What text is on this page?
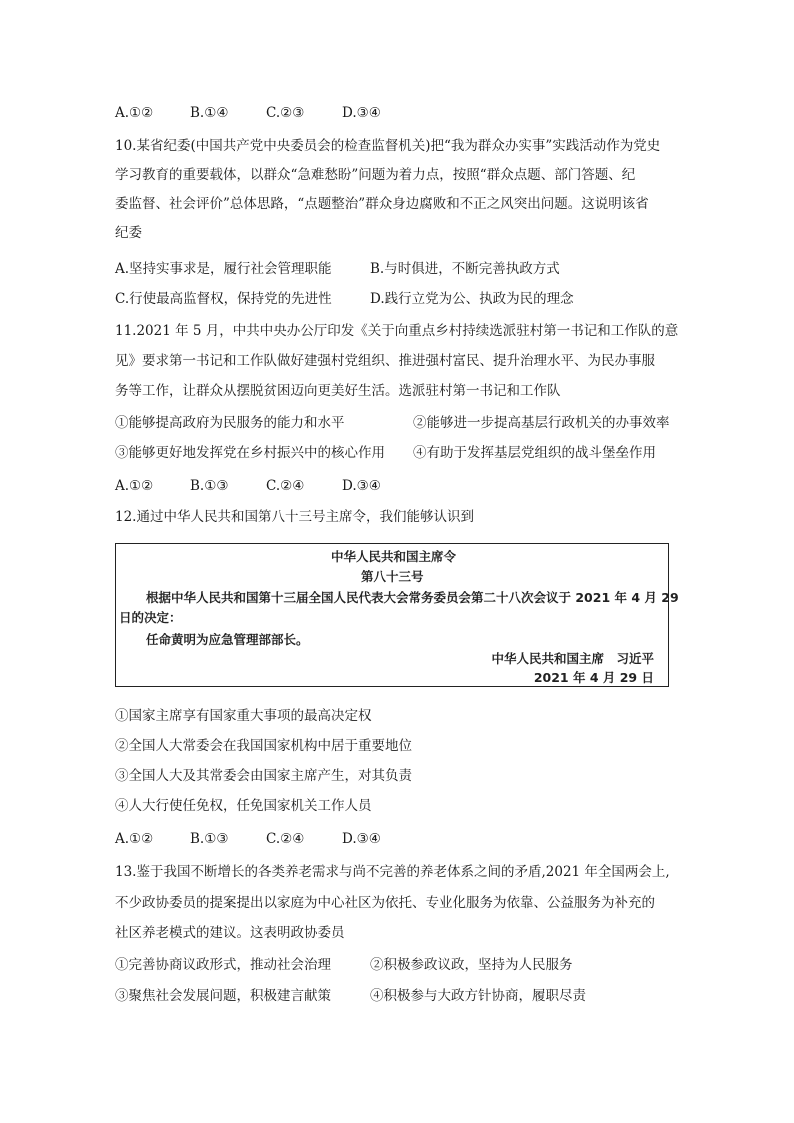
A.①②	B.①④	C.②③	D.③④
10.某省纪委(中国共产党中央委员会的检查监督机关)把“我为群众办实事”实践活动作为党史
学习教育的重要载体，以群众“急难愁盼”问题为着力点，按照“群众点题、部门答题、纪
委监督、社会评价”总体思路，“点题整治”群众身边腐败和不正之风突出问题。这说明该省
纪委
A.坚持实事求是，履行社会管理职能	B.与时俱进，不断完善执政方式
C.行使最高监督权，保持党的先进性	D.践行立党为公、执政为民的理念
11.2021 年 5 月，中共中央办公厅印发《关于向重点乡村持续选派驻村第一书记和工作队的意
见》要求第一书记和工作队做好建强村党组织、推进强村富民、提升治理水平、为民办事服
务等工作，让群众从摆脱贫困迈向更美好生活。选派驻村第一书记和工作队
①能够提高政府为民服务的能力和水平	②能够进一步提高基层行政机关的办事效率
③能够更好地发挥党在乡村振兴中的核心作用 ④有助于发挥基层党组织的战斗堡垒作用
A.①②	B.①③	C.②④	D.③④
12.通过中华人民共和国第八十三号主席令，我们能够认识到
中华人民共和国主席令
第八十三号
根据中华人民共和国第十三届全国人民代表大会常务委员会第二十八次会议于 2021 年 4 月 29
日的决定：
任命黄明为应急管理部部长。
中华人民共和国主席　习近平
2021 年 4 月 29 日
①国家主席享有国家重大事项的最高决定权
②全国人大常委会在我国国家机构中居于重要地位
③全国人大及其常委会由国家主席产生，对其负责
④人大行使任免权，任免国家机关工作人员
A.①②	B.①③	C.②④	D.③④
13.鉴于我国不断增长的各类养老需求与尚不完善的养老体系之间的矛盾,2021 年全国两会上,
不少政协委员的提案提出以家庭为中心社区为依托、专业化服务为依靠、公益服务为补充的
社区养老模式的建议。这表明政协委员
①完善协商议政形式，推动社会治理	②积极参政议政，坚持为人民服务
③聚焦社会发展问题，积极建言献策	④积极参与大政方针协商，履职尽责
